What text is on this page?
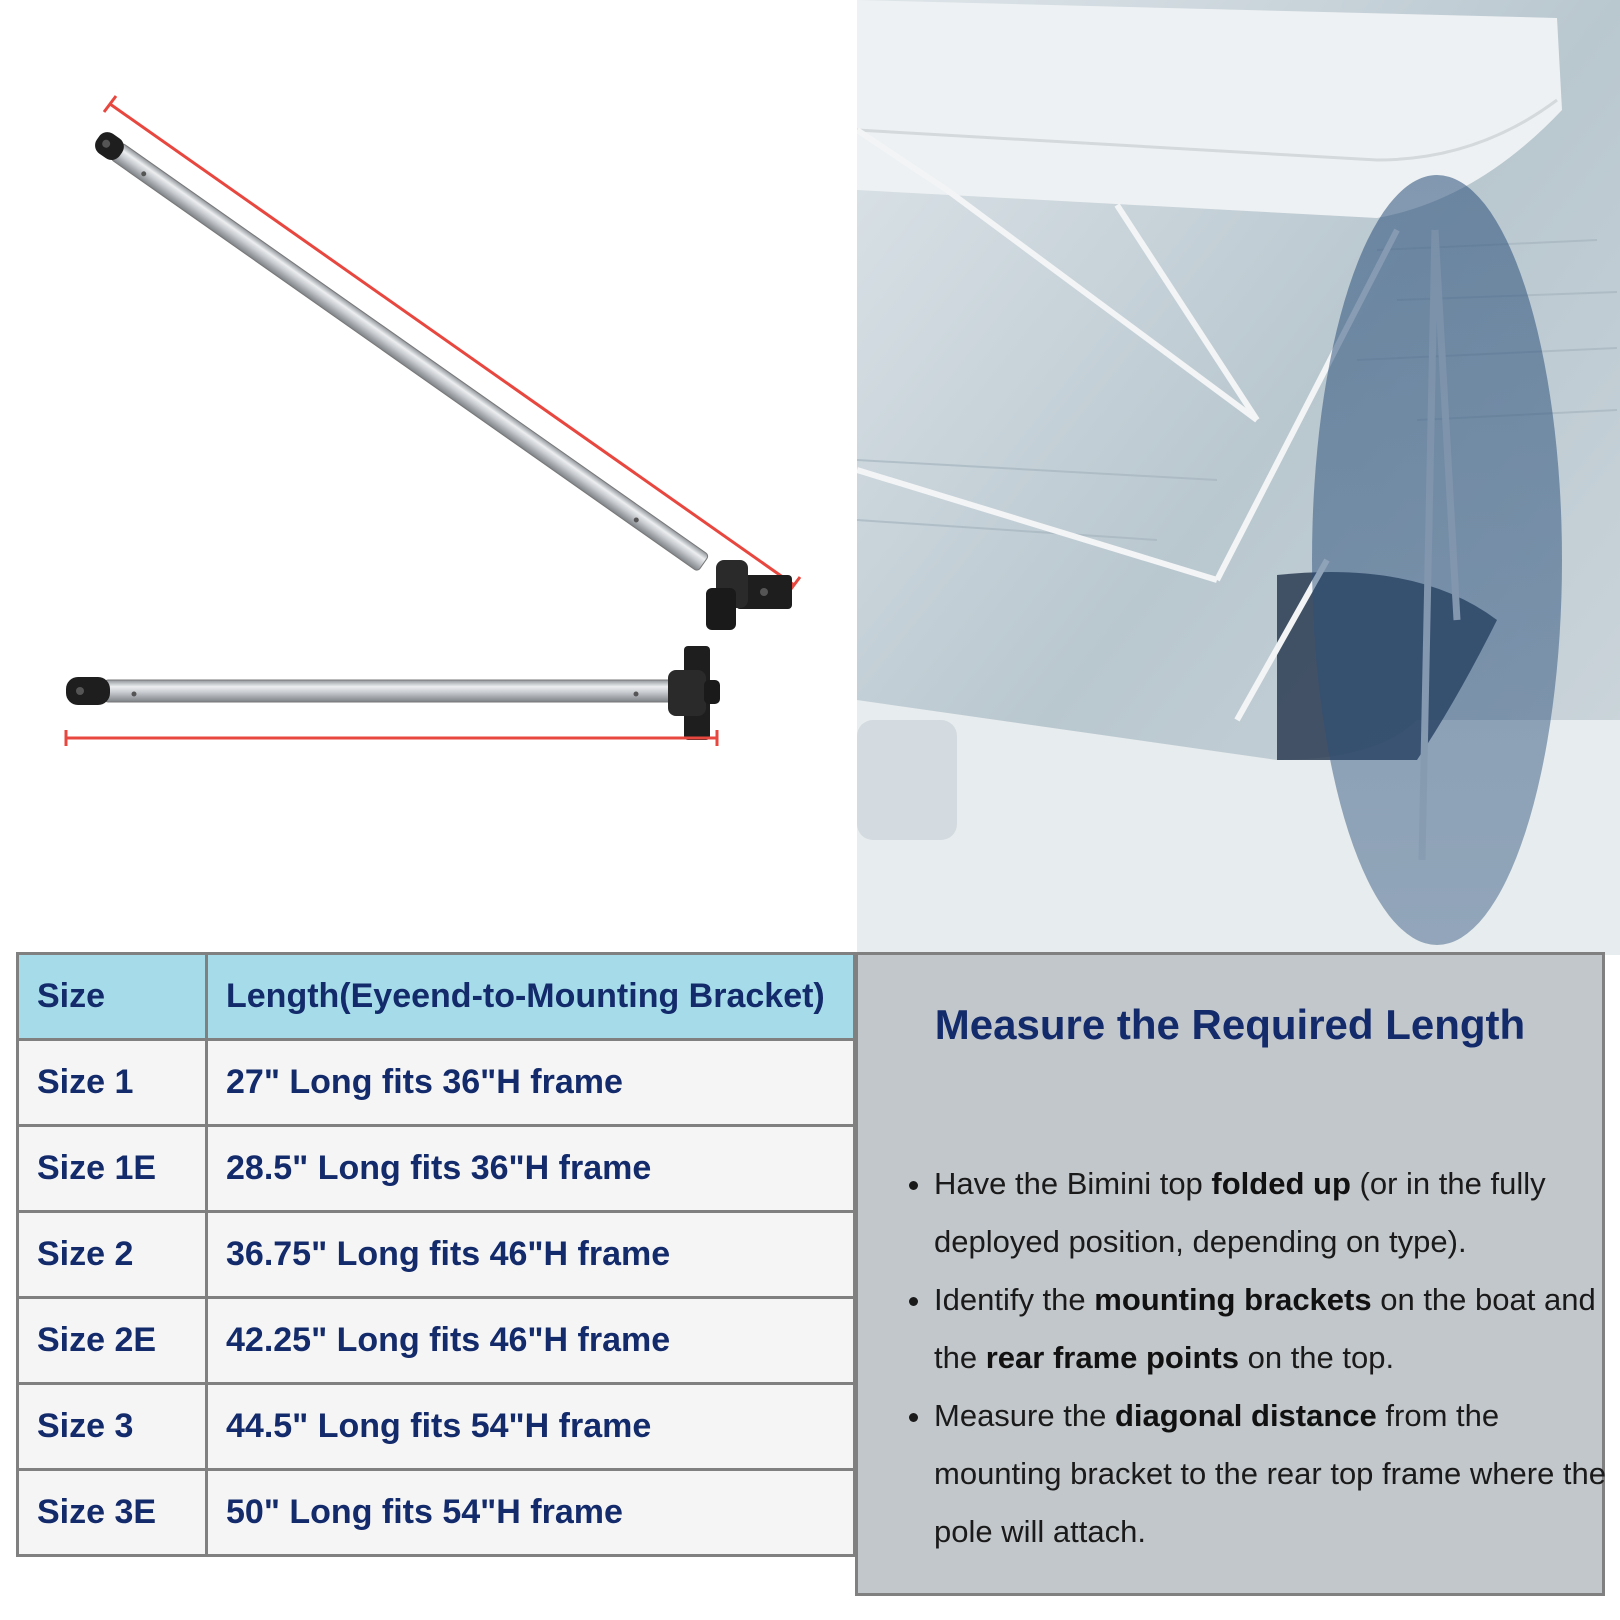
Size	Length(Eyeend-to-Mounting Bracket)
Size 1	27" Long fits 36"H frame
Size 1E	28.5" Long fits 36"H frame
Size 2	36.75" Long fits 46"H frame
Size 2E	42.25" Long fits 46"H frame
Size 3	44.5" Long fits 54"H frame
Size 3E	50" Long fits 54"H frame
Measure the Required Length
• Have the Bimini top folded up (or in the fully deployed position, depending on type).
• Identify the mounting brackets on the boat and the rear frame points on the top.
• Measure the diagonal distance from the mounting bracket to the rear top frame where the pole will attach.
